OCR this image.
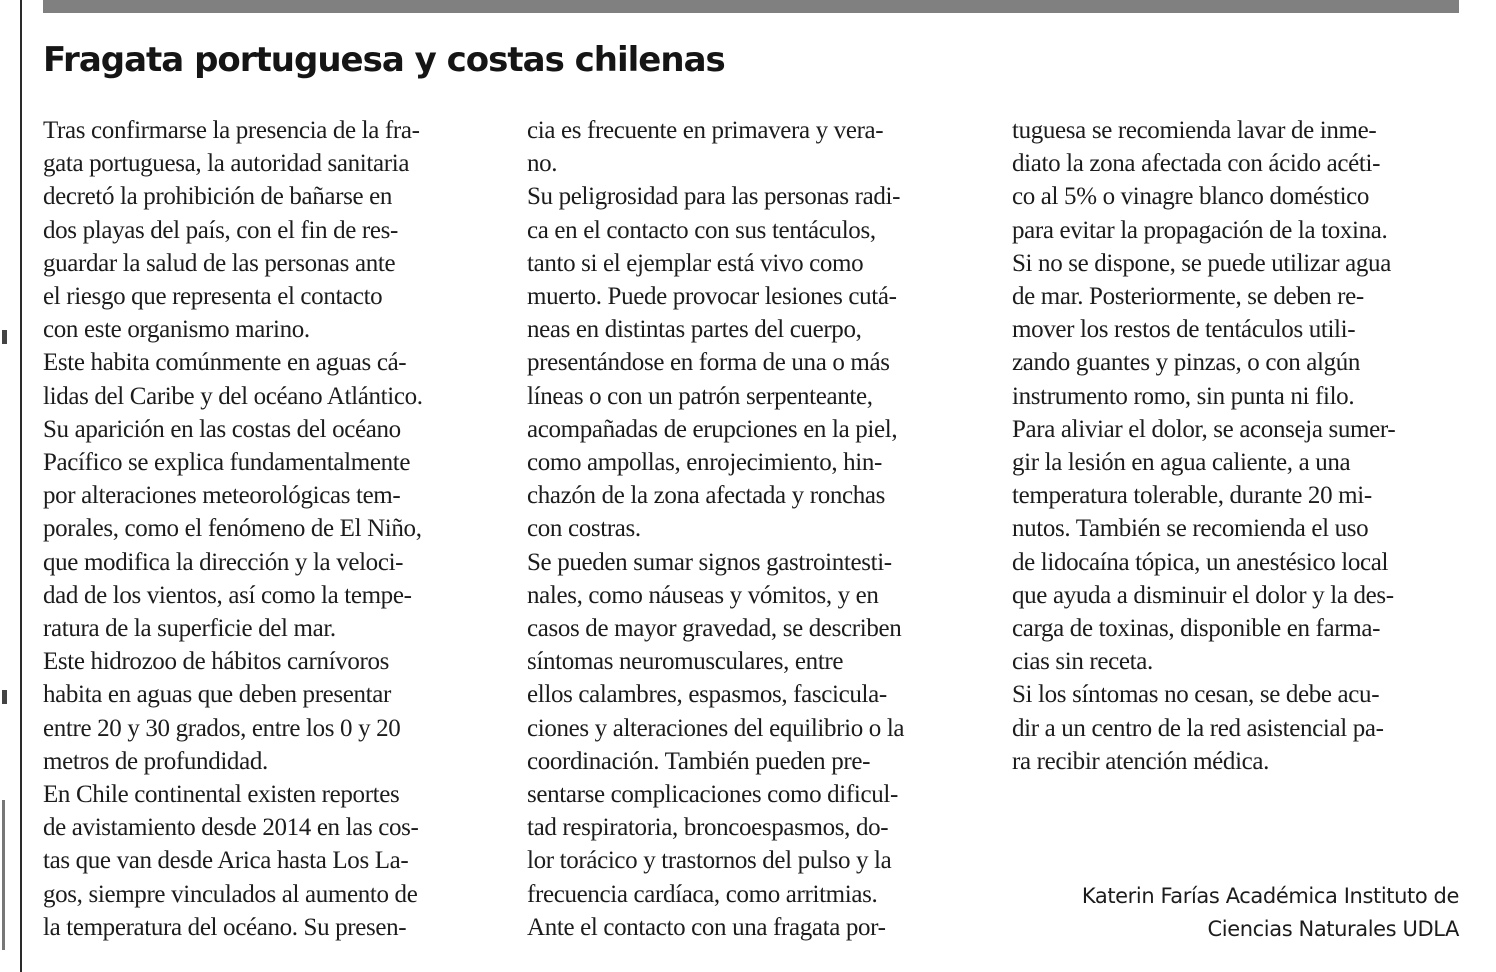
Fragata portuguesa y costas chilenas
Tras confirmarse la presencia de la fra-
gata portuguesa, la autoridad sanitaria
decretó la prohibición de bañarse en
dos playas del país, con el fin de res-
guardar la salud de las personas ante
el riesgo que representa el contacto
con este organismo marino.
Este habita comúnmente en aguas cá-
lidas del Caribe y del océano Atlántico.
Su aparición en las costas del océano
Pacífico se explica fundamentalmente
por alteraciones meteorológicas tem-
porales, como el fenómeno de El Niño,
que modifica la dirección y la veloci-
dad de los vientos, así como la tempe-
ratura de la superficie del mar.
Este hidrozoo de hábitos carnívoros
habita en aguas que deben presentar
entre 20 y 30 grados, entre los 0 y 20
metros de profundidad.
En Chile continental existen reportes
de avistamiento desde 2014 en las cos-
tas que van desde Arica hasta Los La-
gos, siempre vinculados al aumento de
la temperatura del océano. Su presen-
cia es frecuente en primavera y vera-
no.
Su peligrosidad para las personas radi-
ca en el contacto con sus tentáculos,
tanto si el ejemplar está vivo como
muerto. Puede provocar lesiones cutá-
neas en distintas partes del cuerpo,
presentándose en forma de una o más
líneas o con un patrón serpenteante,
acompañadas de erupciones en la piel,
como ampollas, enrojecimiento, hin-
chazón de la zona afectada y ronchas
con costras.
Se pueden sumar signos gastrointesti-
nales, como náuseas y vómitos, y en
casos de mayor gravedad, se describen
síntomas neuromusculares, entre
ellos calambres, espasmos, fascicula-
ciones y alteraciones del equilibrio o la
coordinación. También pueden pre-
sentarse complicaciones como dificul-
tad respiratoria, broncoespasmos, do-
lor torácico y trastornos del pulso y la
frecuencia cardíaca, como arritmias.
Ante el contacto con una fragata por-
tuguesa se recomienda lavar de inme-
diato la zona afectada con ácido acéti-
co al 5% o vinagre blanco doméstico
para evitar la propagación de la toxina.
Si no se dispone, se puede utilizar agua
de mar. Posteriormente, se deben re-
mover los restos de tentáculos utili-
zando guantes y pinzas, o con algún
instrumento romo, sin punta ni filo.
Para aliviar el dolor, se aconseja sumer-
gir la lesión en agua caliente, a una
temperatura tolerable, durante 20 mi-
nutos. También se recomienda el uso
de lidocaína tópica, un anestésico local
que ayuda a disminuir el dolor y la des-
carga de toxinas, disponible en farma-
cias sin receta.
Si los síntomas no cesan, se debe acu-
dir a un centro de la red asistencial pa-
ra recibir atención médica.
Katerin Farías Académica Instituto de
Ciencias Naturales UDLA
